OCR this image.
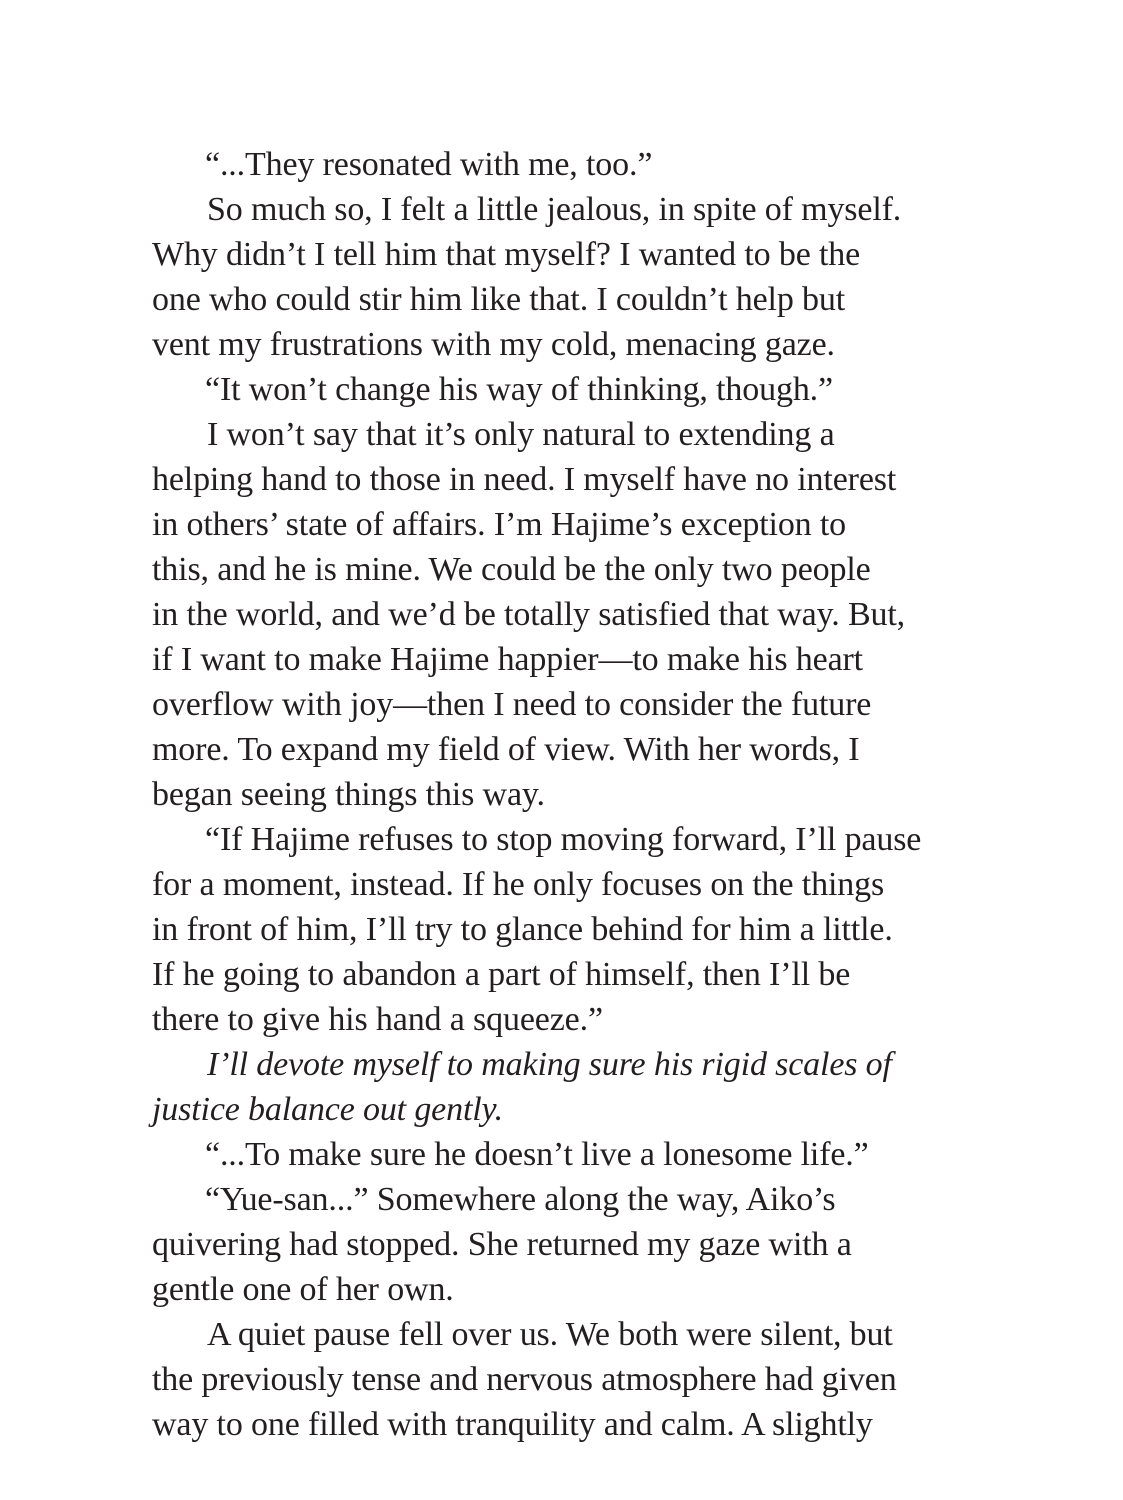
“...They resonated with me, too.”
So much so, I felt a little jealous, in spite of myself.
Why didn’t I tell him that myself? I wanted to be the
one who could stir him like that. I couldn’t help but
vent my frustrations with my cold, menacing gaze.
“It won’t change his way of thinking, though.”
I won’t say that it’s only natural to extending a
helping hand to those in need. I myself have no interest
in others’ state of affairs. I’m Hajime’s exception to
this, and he is mine. We could be the only two people
in the world, and we’d be totally satisfied that way. But,
if I want to make Hajime happier—to make his heart
overflow with joy—then I need to consider the future
more. To expand my field of view. With her words, I
began seeing things this way.
“If Hajime refuses to stop moving forward, I’ll pause
for a moment, instead. If he only focuses on the things
in front of him, I’ll try to glance behind for him a little.
If he going to abandon a part of himself, then I’ll be
there to give his hand a squeeze.”
I’ll devote myself to making sure his rigid scales of
justice balance out gently.
“...To make sure he doesn’t live a lonesome life.”
“Yue-san...” Somewhere along the way, Aiko’s
quivering had stopped. She returned my gaze with a
gentle one of her own.
A quiet pause fell over us. We both were silent, but
the previously tense and nervous atmosphere had given
way to one filled with tranquility and calm. A slightly
